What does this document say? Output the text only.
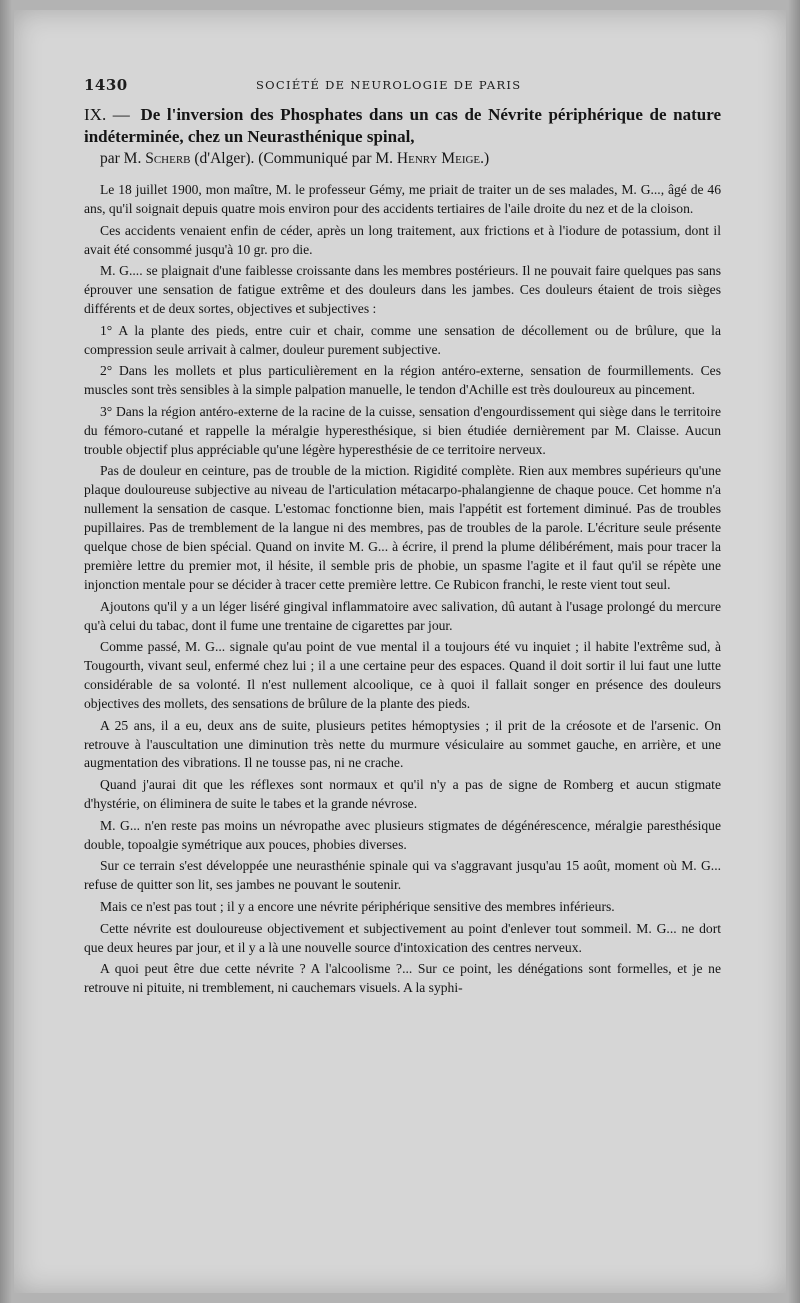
1430	SOCIÉTÉ DE NEUROLOGIE DE PARIS
IX. — De l'inversion des Phosphates dans un cas de Névrite périphérique de nature indéterminée, chez un Neurasthénique spinal,
par M. Scherb (d'Alger). (Communiqué par M. Henry Meige.)

Le 18 juillet 1900, mon maître, M. le professeur Gémy, me priait de traiter un de ses malades, M. G..., âgé de 46 ans, qu'il soignait depuis quatre mois environ pour des accidents tertiaires de l'aile droite du nez et de la cloison.

Ces accidents venaient enfin de céder, après un long traitement, aux frictions et à l'iodure de potassium, dont il avait été consommé jusqu'à 10 gr. pro die.

M. G.... se plaignait d'une faiblesse croissante dans les membres postérieurs. Il ne pouvait faire quelques pas sans éprouver une sensation de fatigue extrême et des douleurs dans les jambes. Ces douleurs étaient de trois sièges différents et de deux sortes, objectives et subjectives :

1° A la plante des pieds, entre cuir et chair, comme une sensation de décollement ou de brûlure, que la compression seule arrivait à calmer, douleur purement subjective.

2° Dans les mollets et plus particulièrement en la région antéro-externe, sensation de fourmillements. Ces muscles sont très sensibles à la simple palpation manuelle, le tendon d'Achille est très douloureux au pincement.

3° Dans la région antéro-externe de la racine de la cuisse, sensation d'engourdissement qui siège dans le territoire du fémoro-cutané et rappelle la méralgie hyperesthésique, si bien étudiée dernièrement par M. Claisse. Aucun trouble objectif plus appréciable qu'une légère hyperesthésie de ce territoire nerveux.

Pas de douleur en ceinture, pas de trouble de la miction. Rigidité complète. Rien aux membres supérieurs qu'une plaque douloureuse subjective au niveau de l'articulation métacarpo-phalangienne de chaque pouce. Cet homme n'a nullement la sensation de casque. L'estomac fonctionne bien, mais l'appétit est fortement diminué. Pas de troubles pupillaires. Pas de tremblement de la langue ni des membres, pas de troubles de la parole. L'écriture seule présente quelque chose de bien spécial. Quand on invite M. G... à écrire, il prend la plume délibérément, mais pour tracer la première lettre du premier mot, il hésite, il semble pris de phobie, un spasme l'agite et il faut qu'il se répète une injonction mentale pour se décider à tracer cette première lettre. Ce Rubicon franchi, le reste vient tout seul.

Ajoutons qu'il y a un léger liséré gingival inflammatoire avec salivation, dû autant à l'usage prolongé du mercure qu'à celui du tabac, dont il fume une trentaine de cigarettes par jour.

Comme passé, M. G... signale qu'au point de vue mental il a toujours été vu inquiet ; il habite l'extrême sud, à Tougourth, vivant seul, enfermé chez lui ; il a une certaine peur des espaces. Quand il doit sortir il lui faut une lutte considérable de sa volonté. Il n'est nullement alcoolique, ce à quoi il fallait songer en présence des douleurs objectives des mollets, des sensations de brûlure de la plante des pieds.

A 25 ans, il a eu, deux ans de suite, plusieurs petites hémoptysies ; il prit de la créosote et de l'arsenic. On retrouve à l'auscultation une diminution très nette du murmure vésiculaire au sommet gauche, en arrière, et une augmentation des vibrations. Il ne tousse pas, ni ne crache.

Quand j'aurai dit que les réflexes sont normaux et qu'il n'y a pas de signe de Romberg et aucun stigmate d'hystérie, on éliminera de suite le tabes et la grande névrose.

M. G... n'en reste pas moins un névropathe avec plusieurs stigmates de dégénérescence, méralgie paresthésique double, topoalgie symétrique aux pouces, phobies diverses.

Sur ce terrain s'est développée une neurasthénie spinale qui va s'aggravant jusqu'au 15 août, moment où M. G... refuse de quitter son lit, ses jambes ne pouvant le soutenir.

Mais ce n'est pas tout ; il y a encore une névrite périphérique sensitive des membres inférieurs.

Cette névrite est douloureuse objectivement et subjectivement au point d'enlever tout sommeil. M. G... ne dort que deux heures par jour, et il y a là une nouvelle source d'intoxication des centres nerveux.

A quoi peut être due cette névrite ? A l'alcoolisme ?... Sur ce point, les dénégations sont formelles, et je ne retrouve ni pituite, ni tremblement, ni cauchemars visuels. A la syphi-
